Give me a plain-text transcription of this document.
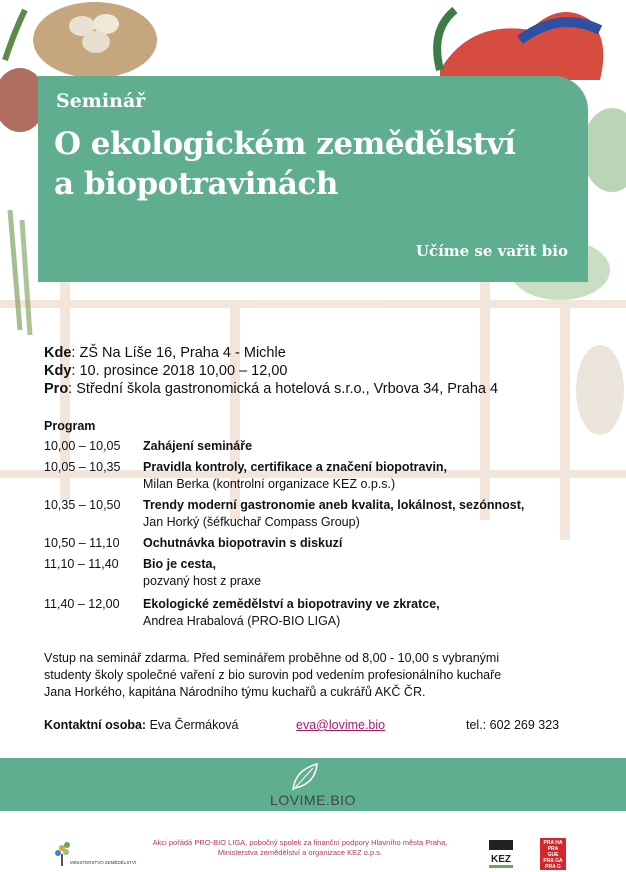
Seminář
O ekologickém zemědělství
a biopotravinách
Učíme se vařit bio
Kde: ZŠ Na Líše 16, Praha 4 - Michle
Kdy: 10. prosince 2018 10,00 – 12,00
Pro: Střední škola gastronomická a hotelová s.r.o., Vrbova 34, Praha 4
Program
10,00 – 10,05	Zahájení semináře
10,05 – 10,35	Pravidla kontroly, certifikace a značení biopotravin,
Milan Berka (kontrolní organizace KEZ o.p.s.)
10,35 – 10,50	Trendy moderní gastronomie aneb kvalita, lokálnost, sezónnost,
Jan Horký (šéfkuchař Compass Group)
10,50 – 11,10	Ochutnávka biopotravin s diskuzí
11,10 – 11,40	Bio je cesta,
pozvaný host z praxe
11,40 – 12,00	Ekologické zemědělství a biopotraviny ve zkratce,
Andrea Hrabalová (PRO-BIO LIGA)
Vstup na seminář zdarma. Před seminářem proběhne od 8,00 - 10,00 s vybranými
studenty školy společné vaření z bio surovin pod vedením profesionálního kuchaře
Jana Horkého, kapitána Národního týmu kuchařů a cukrářů AKČ ČR.
Kontaktní osoba: Eva Čermáková	eva@lovime.bio	tel.: 602 269 323
LOVIME.BIO
MINISTERSTVO ZEMĚDĚLSTVÍ
Akci pořádá PRO-BIO LIGA, pobočný spolek za finanční podpory Hlavního města Praha,
Ministerstva zemědělství a organizace KEZ o.p.s.
KEZ
PRA HA PRA GUE PRA GA PRA G
